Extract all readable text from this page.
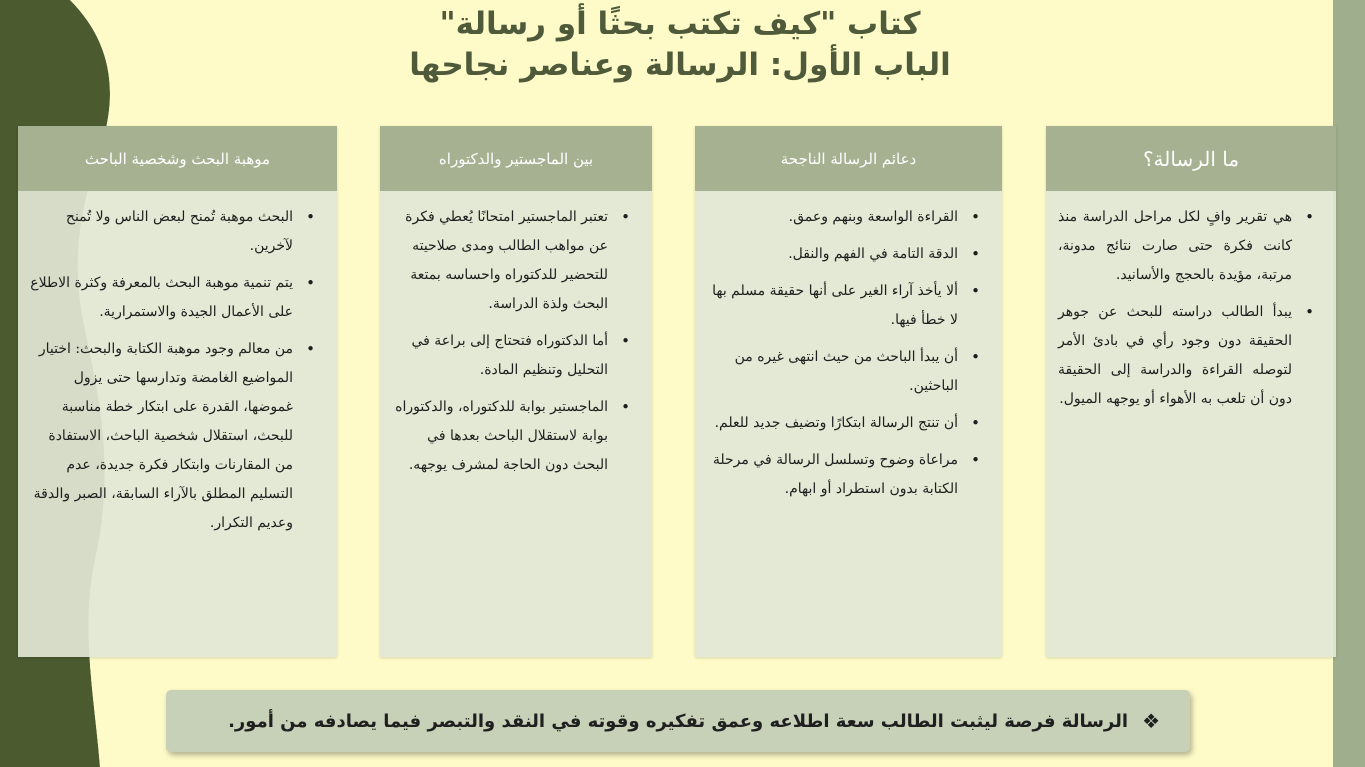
كتاب "كيف تكتب بحثًا أو رسالة"
الباب الأول: الرسالة وعناصر نجاحها
ما الرسالة؟
• هي تقرير وافٍ لكل مراحل الدراسة منذ كانت فكرة حتى صارت نتائج مدونة، مرتبة، مؤيدة بالحجج والأسانيد.
• يبدأ الطالب دراسته للبحث عن جوهر الحقيقة دون وجود رأي في بادئ الأمر لتوصله القراءة والدراسة إلى الحقيقة دون أن تلعب به الأهواء أو يوجهه الميول.
دعائم الرسالة الناجحة
• القراءة الواسعة وبنهم وعمق.
• الدقة التامة في الفهم والنقل.
• ألا يأخذ آراء الغير على أنها حقيقة مسلم بها لا خطأ فيها.
• أن يبدأ الباحث من حيث انتهى غيره من الباحثين.
• أن تنتج الرسالة ابتكارًا وتضيف جديد للعلم.
• مراعاة وضوح وتسلسل الرسالة في مرحلة الكتابة بدون استطراد أو ابهام.
بين الماجستير والدكتوراه
• تعتبر الماجستير امتحانًا يُعطي فكرة عن مواهب الطالب ومدى صلاحيته للتحضير للدكتوراه واحساسه بمتعة البحث ولذة الدراسة.
• أما الدكتوراه فتحتاج إلى براعة في التحليل وتنظيم المادة.
• الماجستير بوابة للدكتوراه، والدكتوراه بوابة لاستقلال الباحث بعدها في البحث دون الحاجة لمشرف يوجهه.
موهبة البحث وشخصية الباحث
• البحث موهبة تُمنح لبعض الناس ولا تُمنح لآخرين.
• يتم تنمية موهبة البحث بالمعرفة وكثرة الاطلاع على الأعمال الجيدة والاستمرارية.
• من معالم وجود موهبة الكتابة والبحث: اختيار المواضيع الغامضة وتدارسها حتى يزول غموضها، القدرة على ابتكار خطة مناسبة للبحث، استقلال شخصية الباحث، الاستفادة من المقارنات وابتكار فكرة جديدة، عدم التسليم المطلق بالآراء السابقة، الصبر والدقة وعديم التكرار.
❖
الرسالة فرصة ليثبت الطالب سعة اطلاعه وعمق تفكيره وقوته في النقد والتبصر فيما يصادفه من أمور.
